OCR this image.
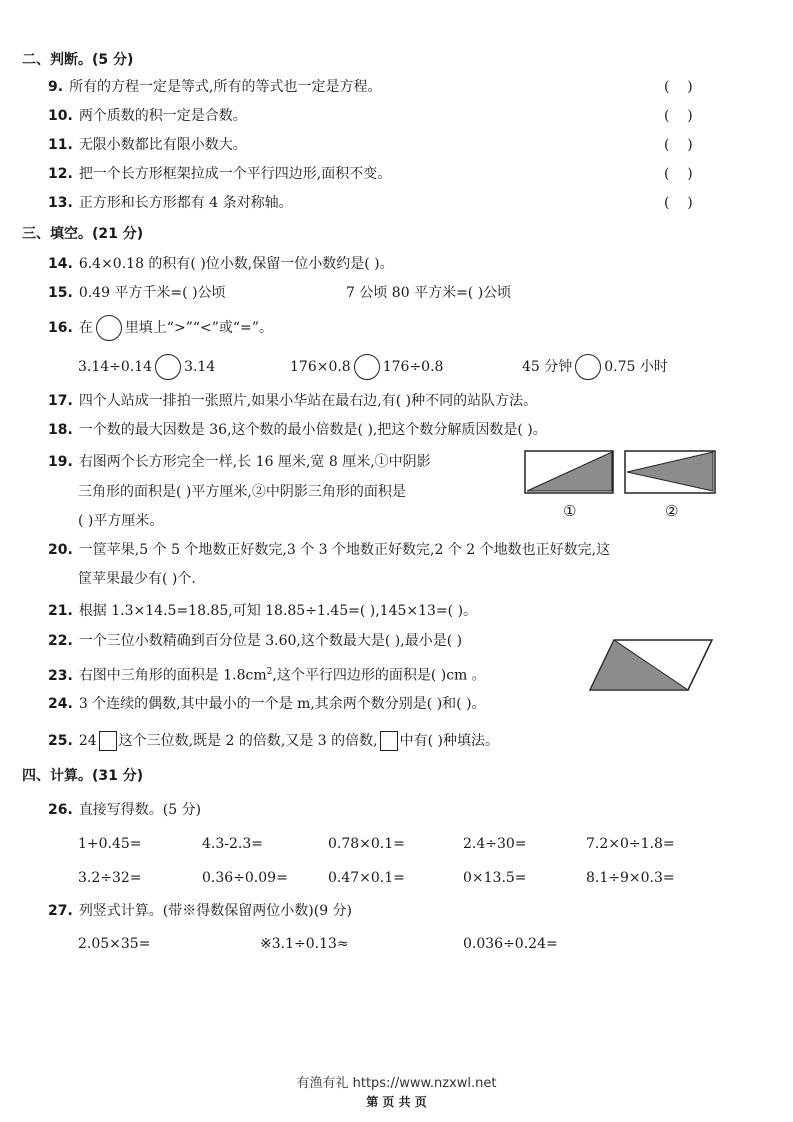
二、判断。(5 分)
9. 所有的方程一定是等式,所有的等式也一定是方程。	(    )
10. 两个质数的积一定是合数。	(    )
11. 无限小数都比有限小数大。	(    )
12. 把一个长方形框架拉成一个平行四边形,面积不变。	(    )
13. 正方形和长方形都有 4 条对称轴。	(    )
三、填空。(21 分)
14. 6.4×0.18 的积有( )位小数,保留一位小数约是( )。
15. 0.49 平方千米=( )公顷	7 公顷 80 平方米=( )公顷
16. 在 里填上“>”“<”或“=”。
3.14÷0.14 3.14	176×0.8 176÷0.8	45 分钟 0.75 小时
17. 四个人站成一排拍一张照片,如果小华站在最右边,有( )种不同的站队方法。
18. 一个数的最大因数是 36,这个数的最小倍数是( ),把这个数分解质因数是( )。
19. 右图两个长方形完全一样,长 16 厘米,宽 8 厘米,①中阴影
三角形的面积是( )平方厘米,②中阴影三角形的面积是
( )平方厘米。
①	②
20. 一筐苹果,5 个 5 个地数正好数完,3 个 3 个地数正好数完,2 个 2 个地数也正好数完,这
筐苹果最少有( )个.
21. 根据 1.3×14.5=18.85,可知 18.85÷1.45=( ),145×13=( )。
22. 一个三位小数精确到百分位是 3.60,这个数最大是( ),最小是( )
23. 右图中三角形的面积是 $1.8cm^2$,这个平行四边形的面积是( )cm 。
24. 3 个连续的偶数,其中最小的一个是 m,其余两个数分别是( )和( )。
25. 24 这个三位数,既是 2 的倍数,又是 3 的倍数, 中有( )种填法。
四、计算。(31 分)
26. 直接写得数。(5 分)
1+0.45=	4.3-2.3=	0.78×0.1=	2.4÷30=	7.2×0÷1.8=
3.2÷32=	0.36÷0.09=	0.47×0.1=	0×13.5=	8.1÷9×0.3=
27. 列竖式计算。(带※得数保留两位小数)(9 分)
2.05×35=	※3.1÷0.13≈	0.036÷0.24=
有渔有礼 https://www.nzxwl.net
第 页 共 页
